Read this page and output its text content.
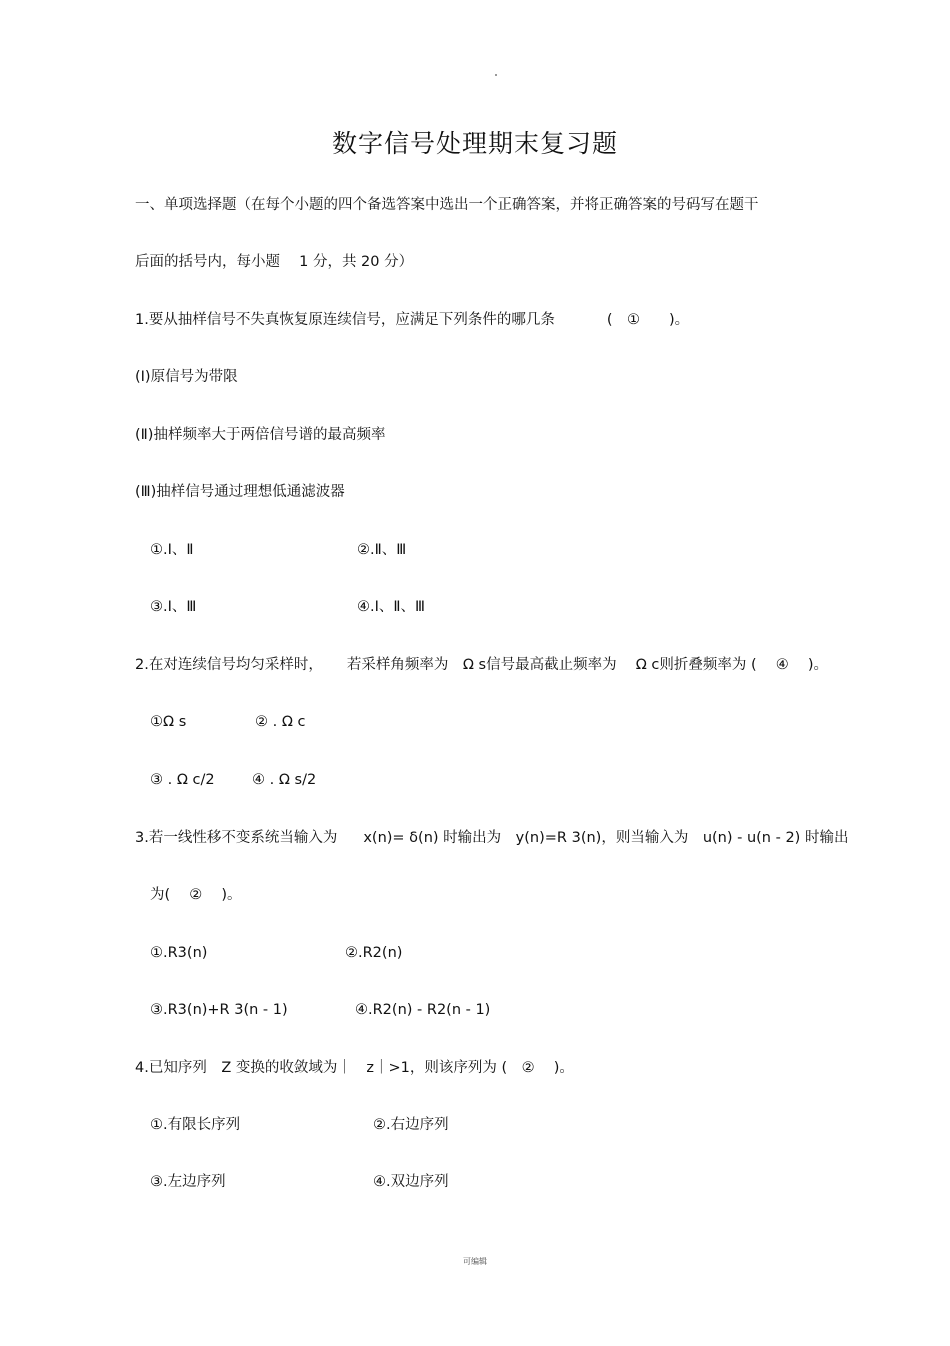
数字信号处理期末复习题
一、单项选择题（在每个小题的四个备选答案中选出一个正确答案，并将正确答案的号码写在题干
后面的括号内，每小题　 1 分，共 20 分）
1.要从抽样信号不失真恢复原连续信号，应满足下列条件的哪几条	(　①　　)。
(Ⅰ)原信号为带限
(Ⅱ)抽样频率大于两倍信号谱的最高频率
(Ⅲ)抽样信号通过理想低通滤波器
①.Ⅰ、Ⅱ	②.Ⅱ、Ⅲ
③.Ⅰ、Ⅲ	④.Ⅰ、Ⅱ、Ⅲ
2.在对连续信号均匀采样时， 若采样角频率为　Ω s信号最高截止频率为　 Ω c则折叠频率为 (　 ④　 )。
①Ω s	② . Ω c
③ . Ω c/2	④ . Ω s/2
3.若一线性移不变系统当输入为 x(n)= δ(n) 时输出为　y(n)=R 3(n)，则当输入为　u(n) - u(n - 2) 时输出
为(　 ②　 )。
①.R3(n)	②.R2(n)
③.R3(n)+R 3(n - 1)	④.R2(n) - R2(n - 1)
4.已知序列　Z 变换的收敛域为｜　z｜>1，则该序列为 (　②　 )。
①.有限长序列	②.右边序列
③.左边序列	④.双边序列
可编辑
